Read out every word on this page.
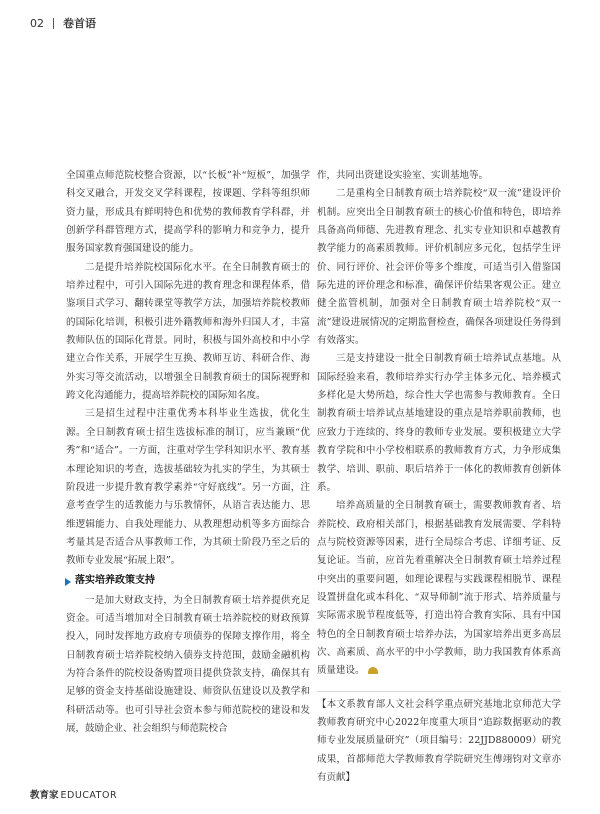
02 卷首语

全国重点师范院校整合资源，以“长板”补“短板”，加强学科交叉融合，开发交叉学科课程，按课题、学科等组织师资力量，形成具有鲜明特色和优势的教师教育学科群，并创新学科群管理方式，提高学科的影响力和竞争力，提升服务国家教育强国建设的能力。

二是提升培养院校国际化水平。在全日制教育硕士的培养过程中，可引入国际先进的教育理念和课程体系，借鉴项目式学习、翻转课堂等教学方法，加强培养院校教师的国际化培训，积极引进外籍教师和海外归国人才，丰富教师队伍的国际化背景。同时，积极与国外高校和中小学建立合作关系，开展学生互换、教师互访、科研合作、海外实习等交流活动，以增强全日制教育硕士的国际视野和跨文化沟通能力，提高培养院校的国际知名度。

三是招生过程中注重优秀本科毕业生选拔，优化生源。全日制教育硕士招生选拔标准的制订，应当兼顾“优秀”和“适合”。一方面，注重对学生学科知识水平、教育基本理论知识的考查，选拔基础较为扎实的学生，为其硕士阶段进一步提升教育教学素养“守好底线”。另一方面，注意考查学生的适教能力与乐教情怀，从语言表达能力、思维逻辑能力、自我处理能力、从教理想动机等多方面综合考量其是否适合从事教师工作，为其硕士阶段乃至之后的教师专业发展“拓展上限”。

落实培养政策支持

一是加大财政支持，为全日制教育硕士培养提供充足资金。可适当增加对全日制教育硕士培养院校的财政预算投入，同时发挥地方政府专项债券的保障支撑作用，将全日制教育硕士培养院校纳入债券支持范围，鼓励金融机构为符合条件的院校设备购置项目提供贷款支持，确保其有足够的资金支持基础设施建设、师资队伍建设以及教学和科研活动等。也可引导社会资本参与师范院校的建设和发展，鼓励企业、社会组织与师范院校合

作，共同出资建设实验室、实训基地等。

二是重构全日制教育硕士培养院校“双一流”建设评价机制。应突出全日制教育硕士的核心价值和特色，即培养具备高尚师德、先进教育理念、扎实专业知识和卓越教育教学能力的高素质教师。评价机制应多元化，包括学生评价、同行评价、社会评价等多个维度，可适当引入借鉴国际先进的评价理念和标准，确保评价结果客观公正。建立健全监管机制，加强对全日制教育硕士培养院校“双一流”建设进展情况的定期监督检查，确保各项建设任务得到有效落实。

三是支持建设一批全日制教育硕士培养试点基地。从国际经验来看，教师培养实行办学主体多元化、培养模式多样化是大势所趋，综合性大学也需参与教师教育。全日制教育硕士培养试点基地建设的重点是培养职前教师，也应致力于连续的、终身的教师专业发展。要积极建立大学教育学院和中小学校相联系的教师教育方式，力争形成集教学、培训、职前、职后培养于一体化的教师教育创新体系。

培养高质量的全日制教育硕士，需要教师教育者、培养院校、政府相关部门，根据基础教育发展需要、学科特点与院校资源等因素，进行全局综合考虑、详细考证、反复论证。当前，应首先着重解决全日制教育硕士培养过程中突出的重要问题，如理论课程与实践课程相脱节、课程设置拼盘化或本科化、“双导师制”流于形式、培养质量与实际需求脱节程度低等，打造出符合教育实际、具有中国特色的全日制教育硕士培养办法，为国家培养出更多高层次、高素质、高水平的中小学教师，助力我国教育体系高质量建设。

【本文系教育部人文社会科学重点研究基地北京师范大学教师教育研究中心2022年度重大项目“追踪数据驱动的教师专业发展质量研究”（项目编号：22JJD880009）研究成果，首都师范大学教师教育学院研究生傅翊钧对文章亦有贡献】

教育家 EDUCATOR
